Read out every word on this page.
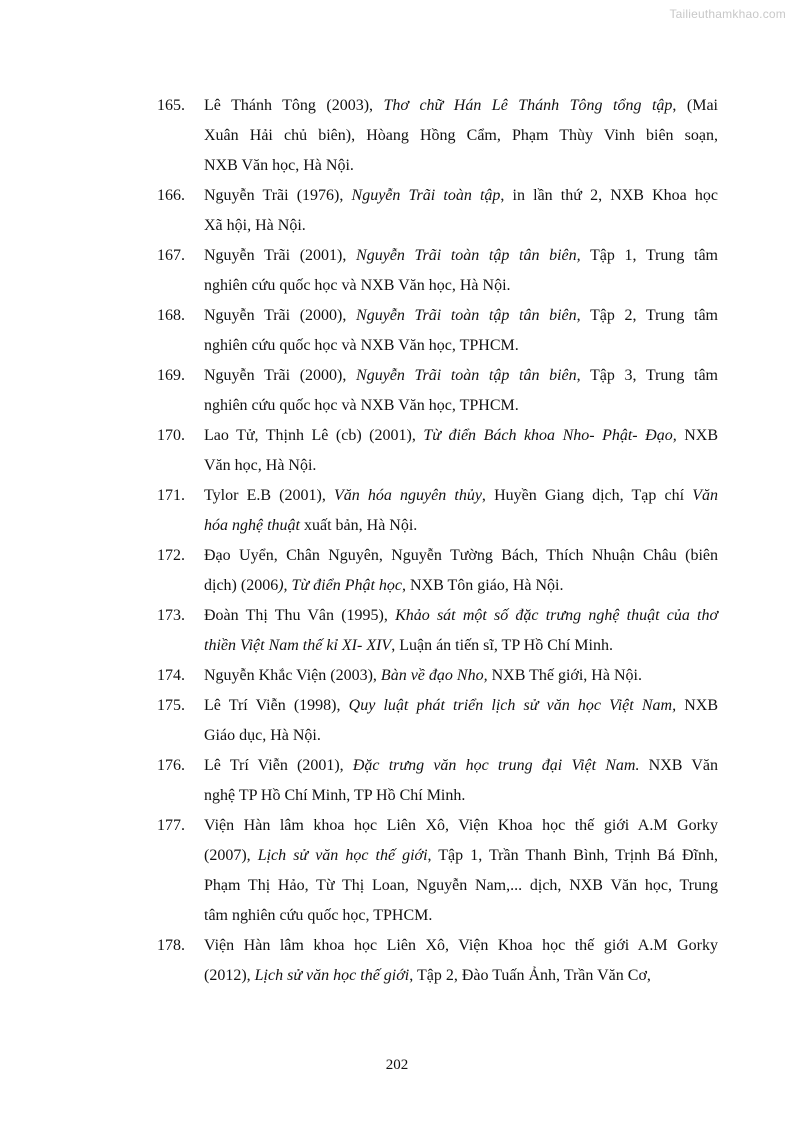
Tailieuthamkhao.com
165. Lê Thánh Tông (2003), Thơ chữ Hán Lê Thánh Tông tổng tập, (Mai
Xuân Hải chủ biên), Hòang Hồng Cẩm, Phạm Thùy Vinh biên soạn,
NXB Văn học, Hà Nội.
166. Nguyễn Trãi (1976), Nguyễn Trãi toàn tập, in lần thứ 2, NXB Khoa học
Xã hội, Hà Nội.
167. Nguyễn Trãi (2001), Nguyễn Trãi toàn tập tân biên, Tập 1, Trung tâm
nghiên cứu quốc học và NXB Văn học, Hà Nội.
168. Nguyễn Trãi (2000), Nguyễn Trãi toàn tập tân biên, Tập 2, Trung tâm
nghiên cứu quốc học và NXB Văn học, TPHCM.
169. Nguyễn Trãi (2000), Nguyễn Trãi toàn tập tân biên, Tập 3, Trung tâm
nghiên cứu quốc học và NXB Văn học, TPHCM.
170. Lao Tử, Thịnh Lê (cb) (2001), Từ điển Bách khoa Nho- Phật- Đạo, NXB
Văn học, Hà Nội.
171. Tylor E.B (2001), Văn hóa nguyên thủy, Huyền Giang dịch, Tạp chí Văn
hóa nghệ thuật xuất bản, Hà Nội.
172. Đạo Uyển, Chân Nguyên, Nguyễn Tường Bách, Thích Nhuận Châu (biên
dịch) (2006), Từ điển Phật học, NXB Tôn giáo, Hà Nội.
173. Đoàn Thị Thu Vân (1995), Khảo sát một số đặc trưng nghệ thuật của thơ
thiền Việt Nam thế kỉ XI- XIV, Luận án tiến sĩ, TP Hồ Chí Minh.
174. Nguyễn Khắc Viện (2003), Bàn về đạo Nho, NXB Thế giới, Hà Nội.
175. Lê Trí Viễn (1998), Quy luật phát triển lịch sử văn học Việt Nam, NXB
Giáo dục, Hà Nội.
176. Lê Trí Viễn (2001), Đặc trưng văn học trung đại Việt Nam. NXB Văn
nghệ TP Hồ Chí Minh, TP Hồ Chí Minh.
177. Viện Hàn lâm khoa học Liên Xô, Viện Khoa học thế giới A.M Gorky
(2007), Lịch sử văn học thế giới, Tập 1, Trần Thanh Bình, Trịnh Bá Đĩnh,
Phạm Thị Hảo, Từ Thị Loan, Nguyễn Nam,... dịch, NXB Văn học, Trung
tâm nghiên cứu quốc học, TPHCM.
178. Viện Hàn lâm khoa học Liên Xô, Viện Khoa học thế giới A.M Gorky
(2012), Lịch sử văn học thế giới, Tập 2, Đào Tuấn Ảnh, Trần Văn Cơ,
202
